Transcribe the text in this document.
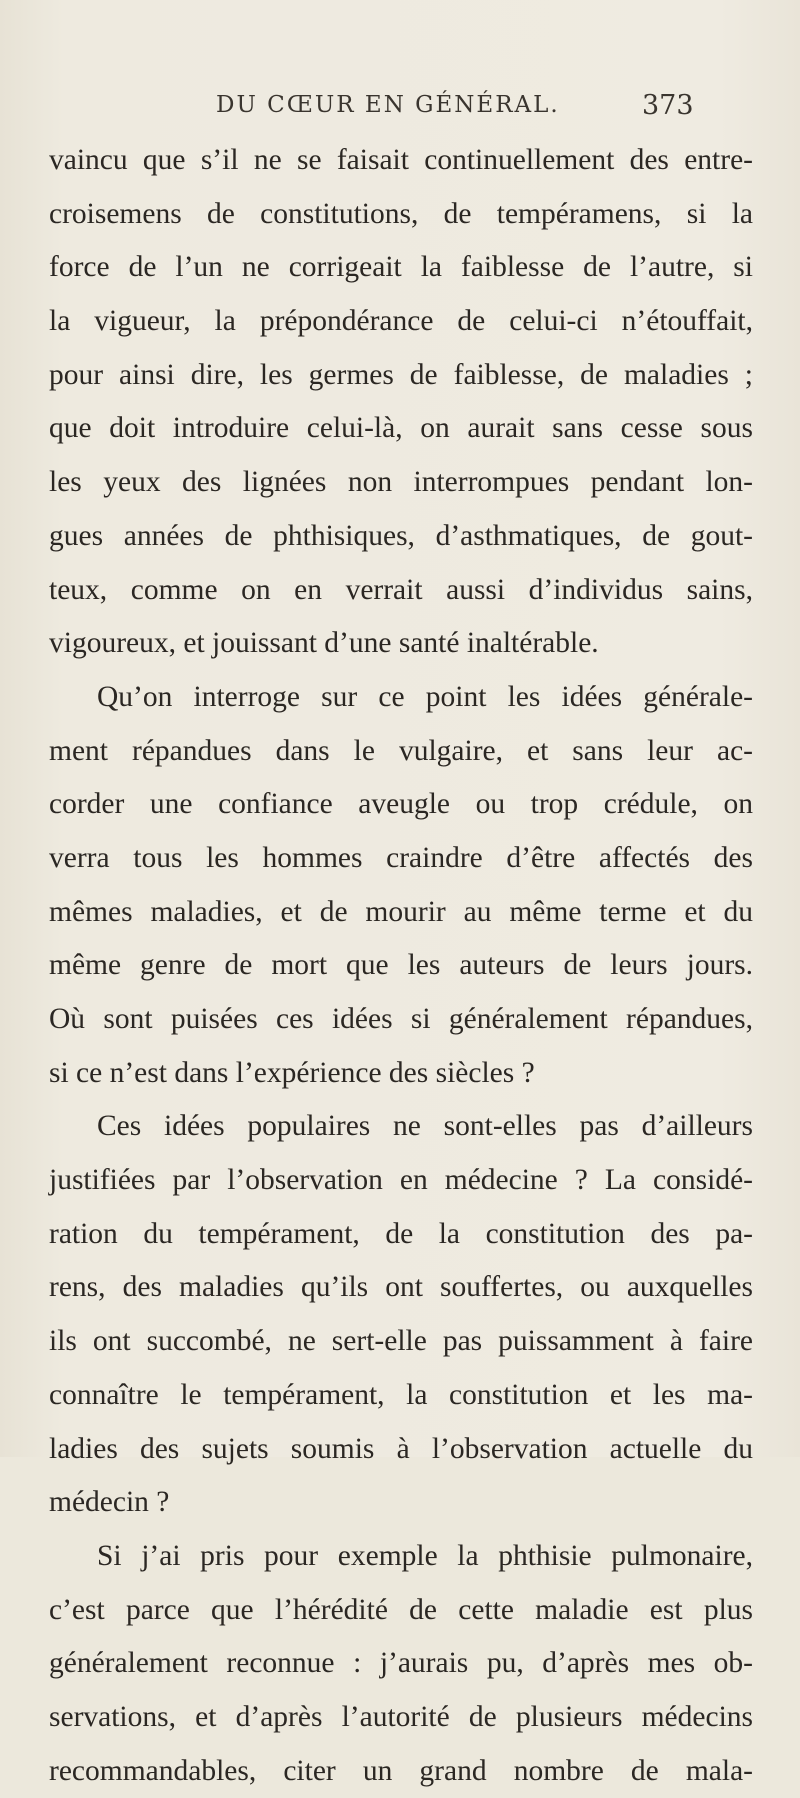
DU CŒUR EN GÉNÉRAL.	373
vaincu que s’il ne se faisait continuellement des entre-
croisemens de constitutions, de tempéramens, si la
force de l’un ne corrigeait la faiblesse de l’autre, si
la vigueur, la prépondérance de celui-ci n’étouffait,
pour ainsi dire, les germes de faiblesse, de maladies ;
que doit introduire celui-là, on aurait sans cesse sous
les yeux des lignées non interrompues pendant lon-
gues années de phthisiques, d’asthmatiques, de gout-
teux, comme on en verrait aussi d’individus sains,
vigoureux, et jouissant d’une santé inaltérable.
Qu’on interroge sur ce point les idées générale-
ment répandues dans le vulgaire, et sans leur ac-
corder une confiance aveugle ou trop crédule, on
verra tous les hommes craindre d’être affectés des
mêmes maladies, et de mourir au même terme et du
même genre de mort que les auteurs de leurs jours.
Où sont puisées ces idées si généralement répandues,
si ce n’est dans l’expérience des siècles ?
Ces idées populaires ne sont-elles pas d’ailleurs
justifiées par l’observation en médecine ? La considé-
ration du tempérament, de la constitution des pa-
rens, des maladies qu’ils ont souffertes, ou auxquelles
ils ont succombé, ne sert-elle pas puissamment à faire
connaître le tempérament, la constitution et les ma-
ladies des sujets soumis à l’observation actuelle du
médecin ?
Si j’ai pris pour exemple la phthisie pulmonaire,
c’est parce que l’hérédité de cette maladie est plus
généralement reconnue : j’aurais pu, d’après mes ob-
servations, et d’après l’autorité de plusieurs médecins
recommandables, citer un grand nombre de mala-
